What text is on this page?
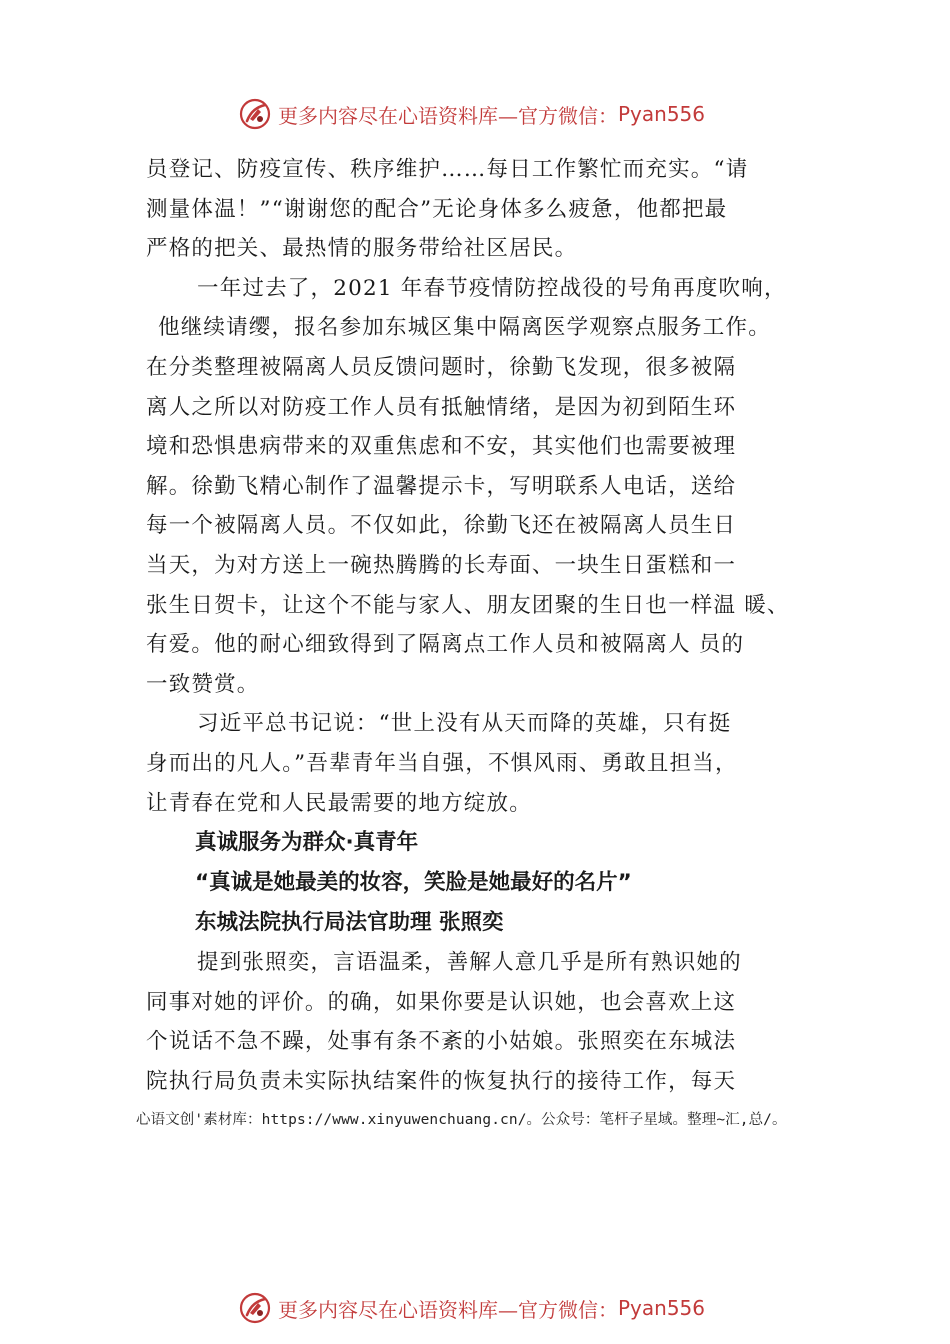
更多内容尽在心语资料库—官方微信： Pyan556
员登记、防疫宣传、秩序维护……每日工作繁忙而充实。“请
测量体温！”“谢谢您的配合”无论身体多么疲惫，他都把最
严格的把关、最热情的服务带给社区居民。
一年过去了，2021 年春节疫情防控战役的号角再度吹响，
他继续请缨，报名参加东城区集中隔离医学观察点服务工作。
在分类整理被隔离人员反馈问题时，徐勤飞发现，很多被隔
离人之所以对防疫工作人员有抵触情绪，是因为初到陌生环
境和恐惧患病带来的双重焦虑和不安，其实他们也需要被理
解。徐勤飞精心制作了温馨提示卡，写明联系人电话，送给
每一个被隔离人员。不仅如此，徐勤飞还在被隔离人员生日
当天，为对方送上一碗热腾腾的长寿面、一块生日蛋糕和一
张生日贺卡，让这个不能与家人、朋友团聚的生日也一样温 暖、
有爱。他的耐心细致得到了隔离点工作人员和被隔离人 员的
一致赞赏。
习近平总书记说：“世上没有从天而降的英雄，只有挺
身而出的凡人。”吾辈青年当自强，不惧风雨、勇敢且担当，
让青春在党和人民最需要的地方绽放。
真诚服务为群众·真青年
“真诚是她最美的妆容，笑脸是她最好的名片”
东城法院执行局法官助理 张照奕
提到张照奕，言语温柔，善解人意几乎是所有熟识她的
同事对她的评价。的确，如果你要是认识她，也会喜欢上这
个说话不急不躁，处事有条不紊的小姑娘。张照奕在东城法
院执行局负责未实际执结案件的恢复执行的接待工作，每天
心语文创'素材库：https://www.xinyuwenchuang.cn/。公众号：笔杆子星域。整理~汇,总/。
更多内容尽在心语资料库—官方微信： Pyan556
